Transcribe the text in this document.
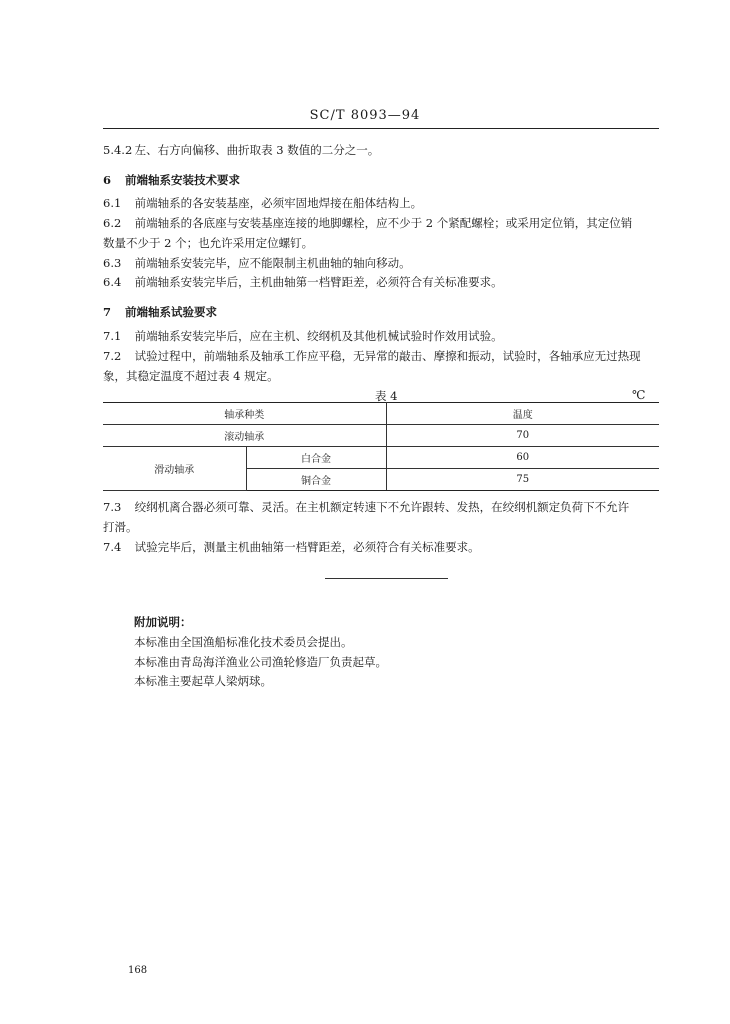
SC/T 8093—94
5.4.2 左、右方向偏移、曲折取表 3 数值的二分之一。
6 前端轴系安装技术要求
6.1 前端轴系的各安装基座，必须牢固地焊接在船体结构上。
6.2 前端轴系的各底座与安装基座连接的地脚螺栓，应不少于 2 个紧配螺栓；或采用定位销，其定位销
数量不少于 2 个；也允许采用定位螺钉。
6.3 前端轴系安装完毕，应不能限制主机曲轴的轴向移动。
6.4 前端轴系安装完毕后，主机曲轴第一档臂距差，必须符合有关标准要求。
7 前端轴系试验要求
7.1 前端轴系安装完毕后，应在主机、绞纲机及其他机械试验时作效用试验。
7.2 试验过程中，前端轴系及轴承工作应平稳，无异常的敲击、摩擦和振动，试验时，各轴承应无过热现
象，其稳定温度不超过表 4 规定。
表 4	℃
轴承种类		温度
滚动轴承		70
滑动轴承	白合金	60
	铜合金	75
7.3 绞纲机离合器必须可靠、灵活。在主机额定转速下不允许跟转、发热，在绞纲机额定负荷下不允许
打滑。
7.4 试验完毕后，测量主机曲轴第一档臂距差，必须符合有关标准要求。
附加说明：
本标准由全国渔船标准化技术委员会提出。
本标准由青岛海洋渔业公司渔轮修造厂负责起草。
本标准主要起草人梁炳球。
168
